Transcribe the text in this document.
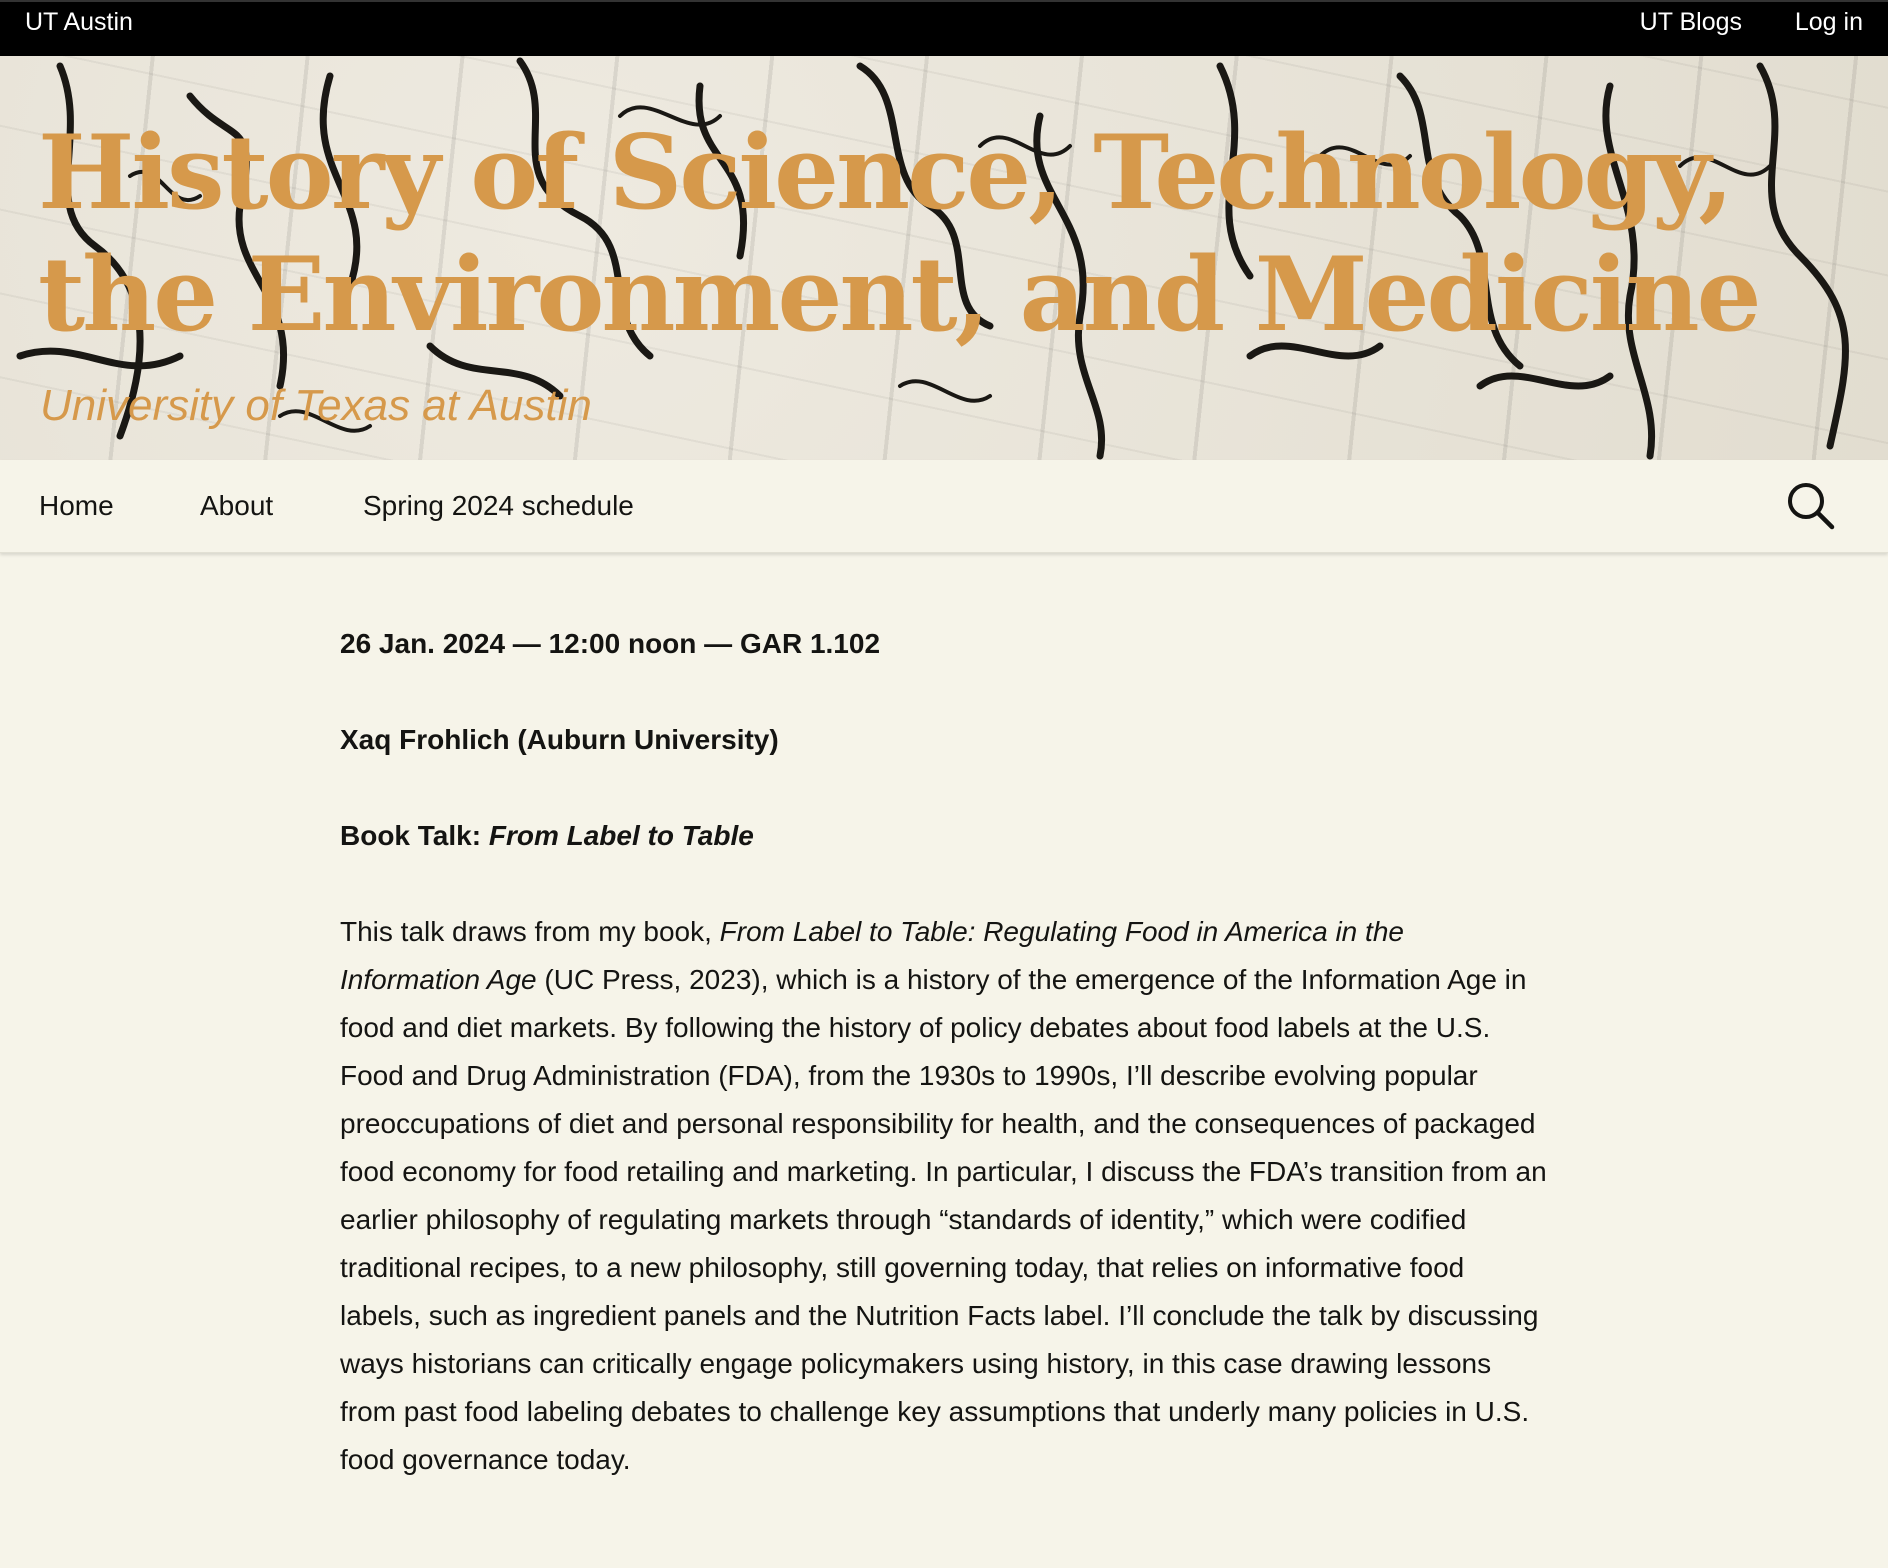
UT Austin	UT Blogs Log in
History of Science, Technology,
the Environment, and Medicine
University of Texas at Austin
Home	About	Spring 2024 schedule

26 Jan. 2024 — 12:00 noon — GAR 1.102

Xaq Frohlich (Auburn University)

Book Talk: From Label to Table

This talk draws from my book, From Label to Table: Regulating Food in America in the Information Age (UC Press, 2023), which is a history of the emergence of the Information Age in food and diet markets. By following the history of policy debates about food labels at the U.S. Food and Drug Administration (FDA), from the 1930s to 1990s, I’ll describe evolving popular preoccupations of diet and personal responsibility for health, and the consequences of packaged food economy for food retailing and marketing. In particular, I discuss the FDA’s transition from an earlier philosophy of regulating markets through “standards of identity,” which were codified traditional recipes, to a new philosophy, still governing today, that relies on informative food labels, such as ingredient panels and the Nutrition Facts label. I’ll conclude the talk by discussing ways historians can critically engage policymakers using history, in this case drawing lessons from past food labeling debates to challenge key assumptions that underly many policies in U.S. food governance today.
